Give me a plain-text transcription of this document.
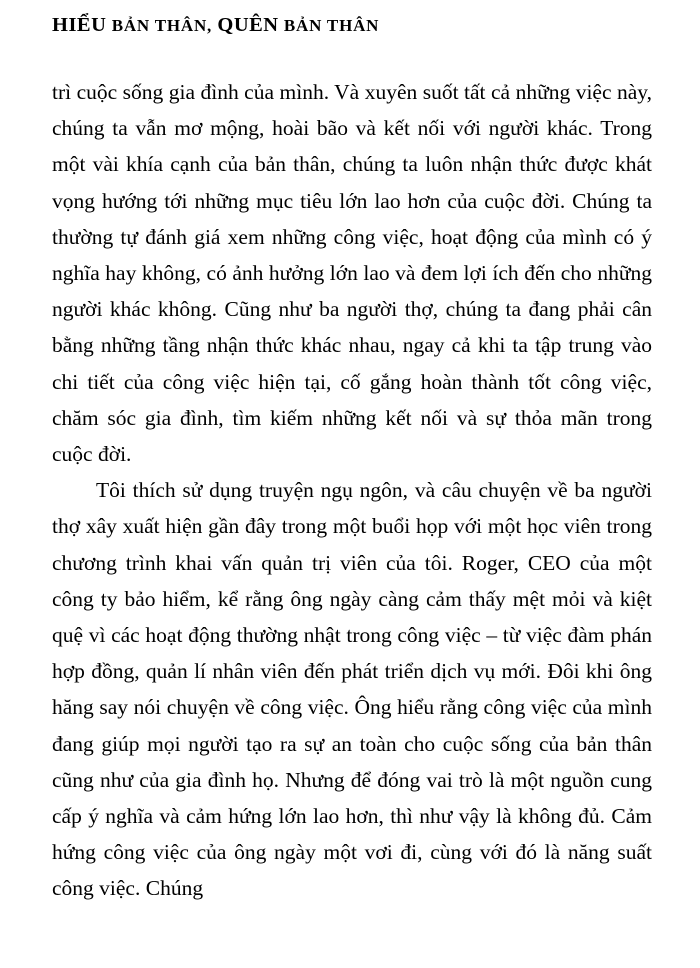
HIỂU BẢN THÂN, QUÊN BẢN THÂN

trì cuộc sống gia đình của mình. Và xuyên suốt tất cả những việc này, chúng ta vẫn mơ mộng, hoài bão và kết nối với người khác. Trong một vài khía cạnh của bản thân, chúng ta luôn nhận thức được khát vọng hướng tới những mục tiêu lớn lao hơn của cuộc đời. Chúng ta thường tự đánh giá xem những công việc, hoạt động của mình có ý nghĩa hay không, có ảnh hưởng lớn lao và đem lợi ích đến cho những người khác không. Cũng như ba người thợ, chúng ta đang phải cân bằng những tầng nhận thức khác nhau, ngay cả khi ta tập trung vào chi tiết của công việc hiện tại, cố gắng hoàn thành tốt công việc, chăm sóc gia đình, tìm kiếm những kết nối và sự thỏa mãn trong cuộc đời.

Tôi thích sử dụng truyện ngụ ngôn, và câu chuyện về ba người thợ xây xuất hiện gần đây trong một buổi họp với một học viên trong chương trình khai vấn quản trị viên của tôi. Roger, CEO của một công ty bảo hiểm, kể rằng ông ngày càng cảm thấy mệt mỏi và kiệt quệ vì các hoạt động thường nhật trong công việc – từ việc đàm phán hợp đồng, quản lí nhân viên đến phát triển dịch vụ mới. Đôi khi ông hăng say nói chuyện về công việc. Ông hiểu rằng công việc của mình đang giúp mọi người tạo ra sự an toàn cho cuộc sống của bản thân cũng như của gia đình họ. Nhưng để đóng vai trò là một nguồn cung cấp ý nghĩa và cảm hứng lớn lao hơn, thì như vậy là không đủ. Cảm hứng công việc của ông ngày một vơi đi, cùng với đó là năng suất công việc. Chúng
